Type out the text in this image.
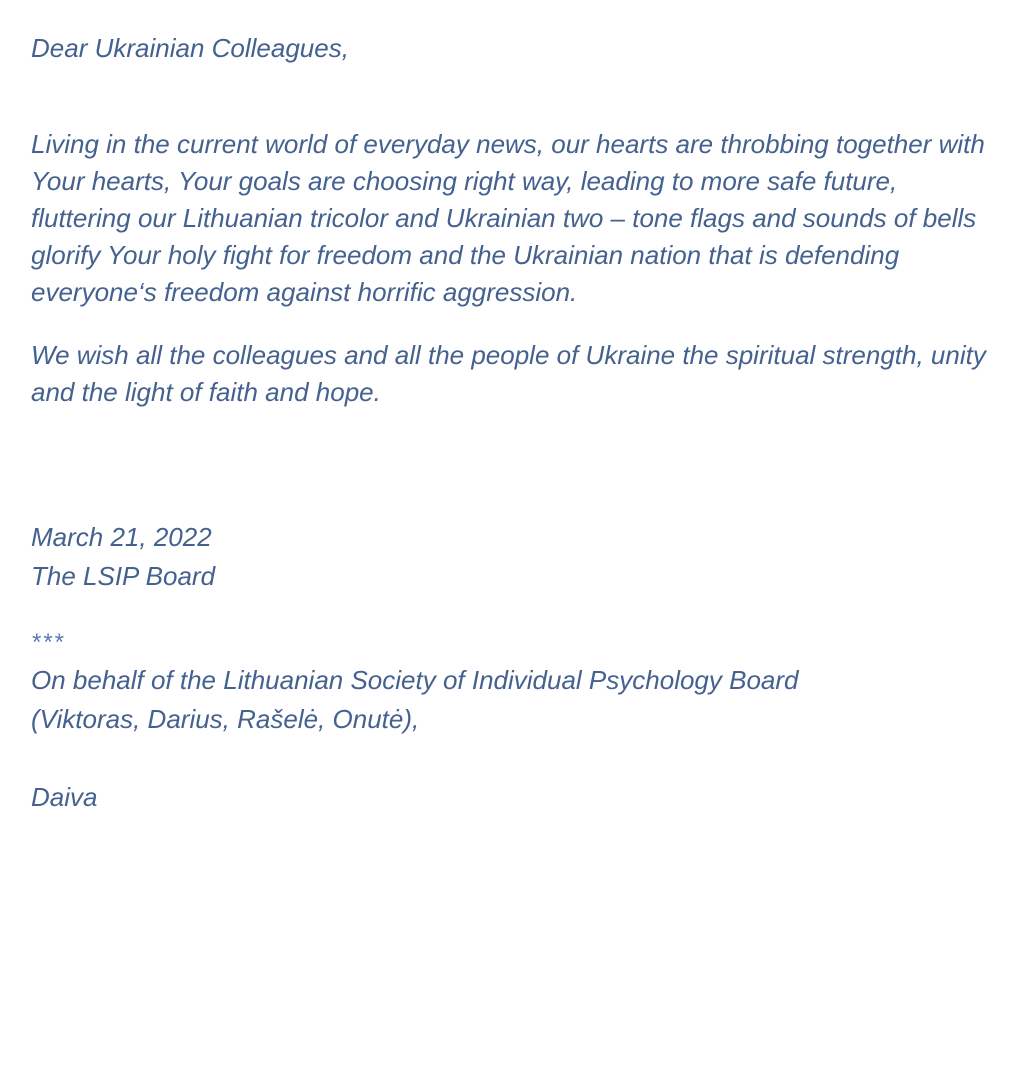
Dear Ukrainian Colleagues,

Living in the current world of everyday news, our hearts are throbbing together with Your hearts, Your goals are choosing right way, leading to more safe future, fluttering our Lithuanian tricolor and Ukrainian two – tone flags and sounds of bells glorify Your holy fight for freedom and the Ukrainian nation that is defending everyone‘s freedom against horrific aggression.

We wish all the colleagues and all the people of Ukraine the spiritual strength, unity and the light of faith and hope.

March 21, 2022

The LSIP Board

***

On behalf of the Lithuanian Society of Individual Psychology Board

(Viktoras, Darius, Rašelė, Onutė),

Daiva
